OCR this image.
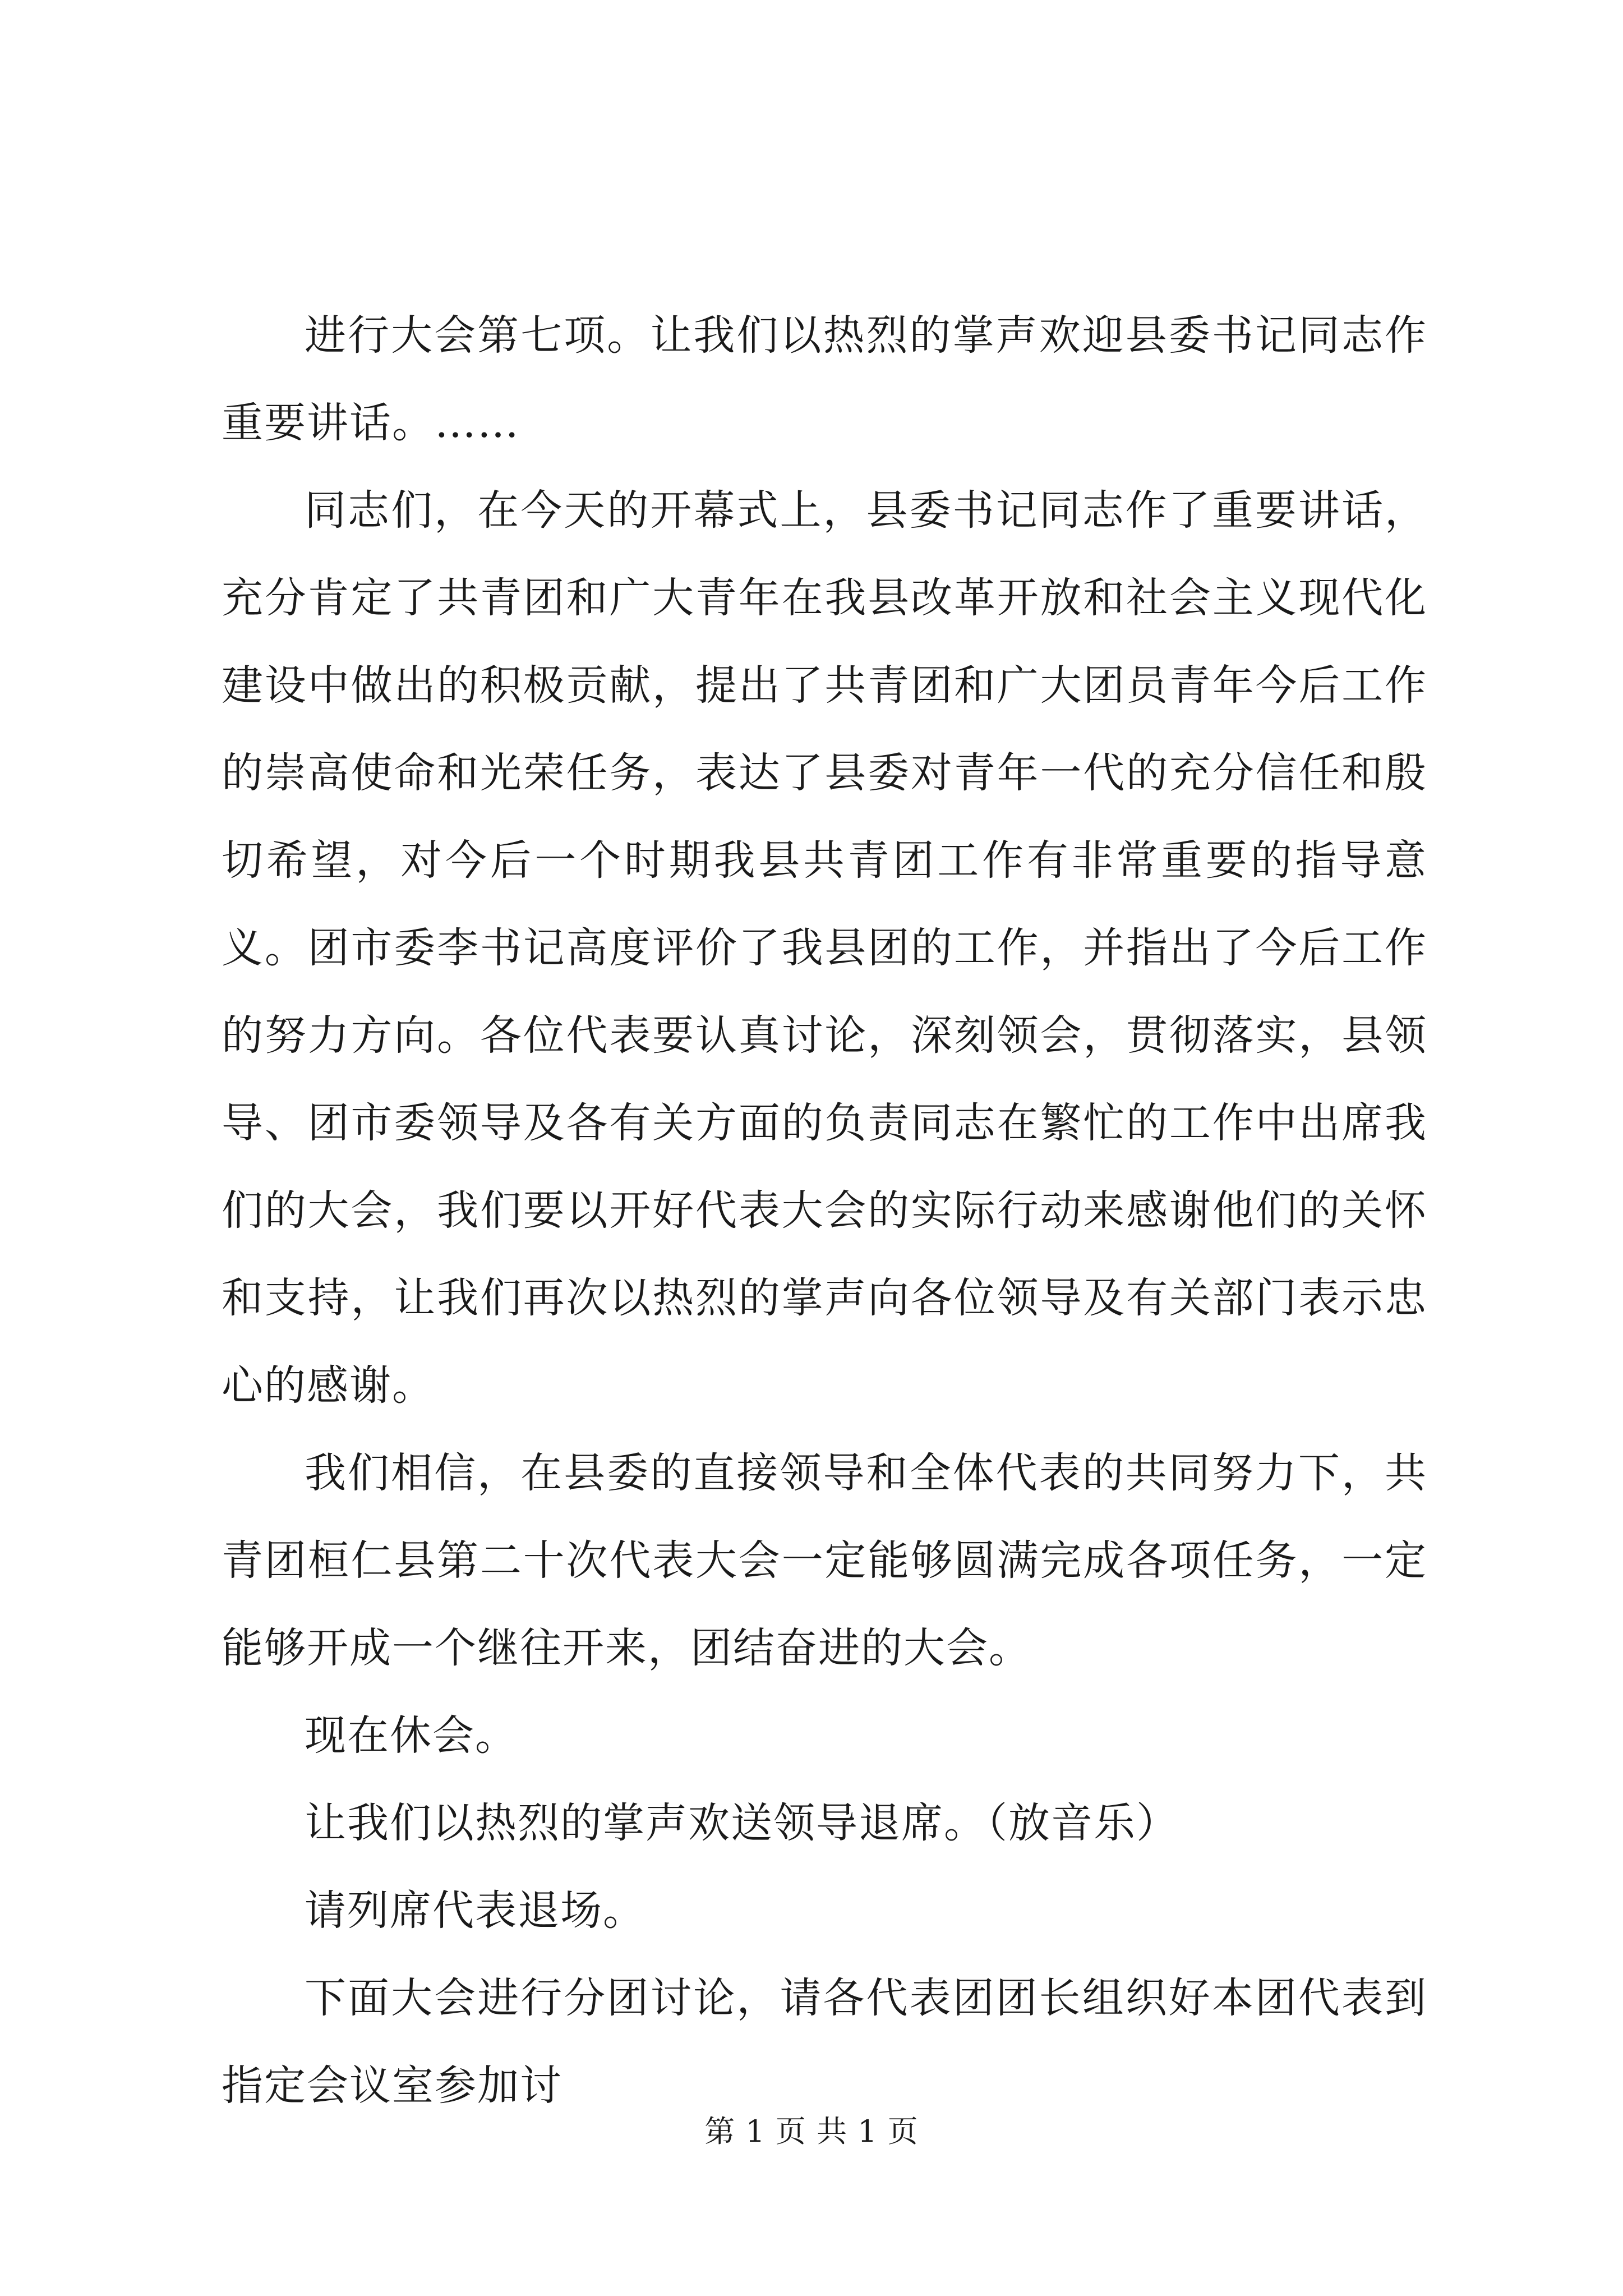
进行大会第七项。让我们以热烈的掌声欢迎县委书记同志作重要讲话。……

同志们，在今天的开幕式上，县委书记同志作了重要讲话，充分肯定了共青团和广大青年在我县改革开放和社会主义现代化建设中做出的积极贡献，提出了共青团和广大团员青年今后工作的崇高使命和光荣任务，表达了县委对青年一代的充分信任和殷切希望，对今后一个时期我县共青团工作有非常重要的指导意义。团市委李书记高度评价了我县团的工作，并指出了今后工作的努力方向。各位代表要认真讨论，深刻领会，贯彻落实，县领导、团市委领导及各有关方面的负责同志在繁忙的工作中出席我们的大会，我们要以开好代表大会的实际行动来感谢他们的关怀和支持，让我们再次以热烈的掌声向各位领导及有关部门表示忠心的感谢。

我们相信，在县委的直接领导和全体代表的共同努力下，共青团桓仁县第二十次代表大会一定能够圆满完成各项任务，一定能够开成一个继往开来，团结奋进的大会。

现在休会。

让我们以热烈的掌声欢送领导退席。（放音乐）

请列席代表退场。

下面大会进行分团讨论，请各代表团团长组织好本团代表到指定会议室参加讨

第 1 页 共 1 页
